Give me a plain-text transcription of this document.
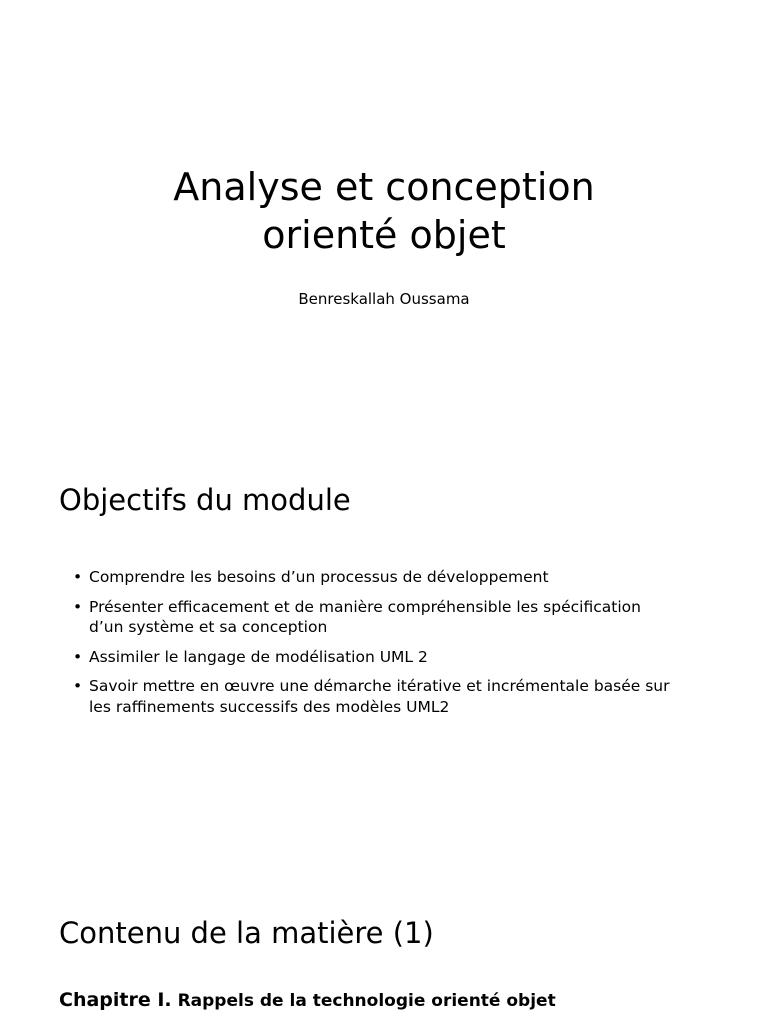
Analyse et conception
orienté objet
Benreskallah Oussama
Objectifs du module
• Comprendre les besoins d’un processus de développement
• Présenter efficacement et de manière compréhensible les spécification
d’un système et sa conception
• Assimiler le langage de modélisation UML 2
• Savoir mettre en œuvre une démarche itérative et incrémentale basée sur
les raffinements successifs des modèles UML2
Contenu de la matière (1)
Chapitre I. Rappels de la technologie orienté objet
